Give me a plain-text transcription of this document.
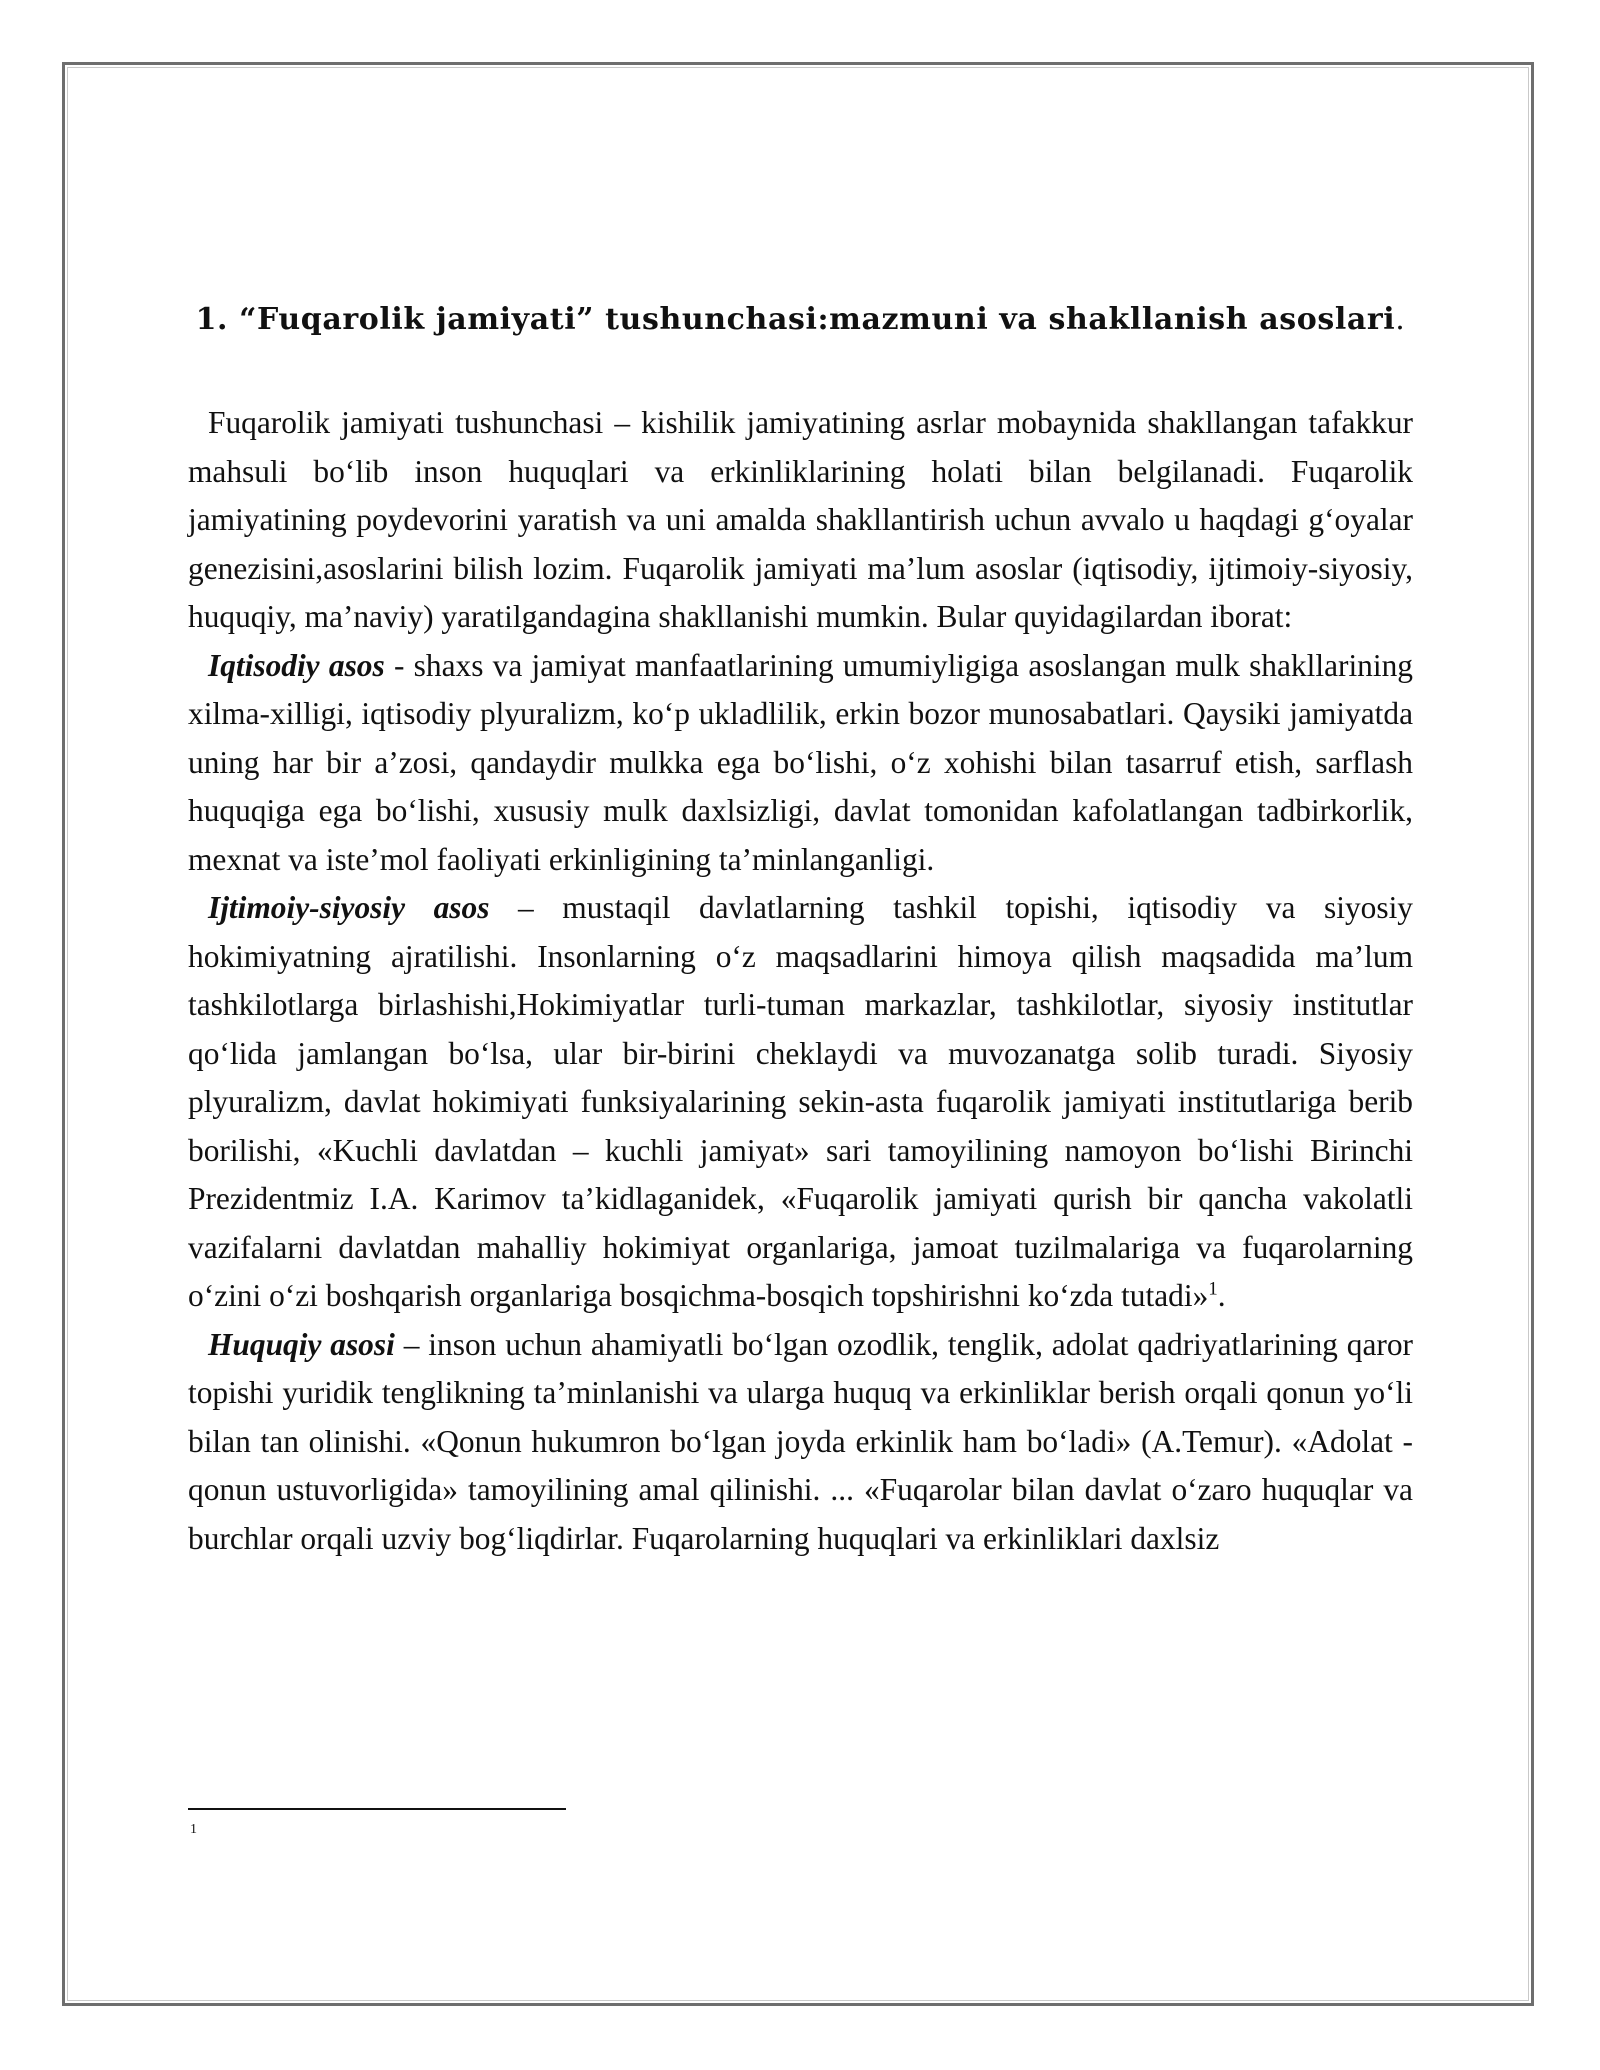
1. “Fuqarolik jamiyati” tushunchasi:mazmuni va shakllanish asoslari.

Fuqarolik jamiyati tushunchasi – kishilik jamiyatining asrlar mobaynida shakllangan tafakkur mahsuli bo‘lib inson huquqlari va erkinliklarining holati bilan belgilanadi. Fuqarolik jamiyatining poydevorini yaratish va uni amalda shakllantirish uchun avvalo u haqdagi g‘oyalar genezisini,asoslarini bilish lozim. Fuqarolik jamiyati ma’lum asoslar (iqtisodiy, ijtimoiy-siyosiy, huquqiy, ma’naviy) yaratilgandagina shakllanishi mumkin. Bular quyidagilardan iborat:

Iqtisodiy asos - shaxs va jamiyat manfaatlarining umumiyligiga asoslangan mulk shakllarining xilma-xilligi, iqtisodiy plyuralizm, ko‘p ukladlilik, erkin bozor munosabatlari. Qaysiki jamiyatda uning har bir a’zosi, qandaydir mulkka ega bo‘lishi, o‘z xohishi bilan tasarruf etish, sarflash huquqiga ega bo‘lishi, xususiy mulk daxlsizligi, davlat tomonidan kafolatlangan tadbirkorlik, mexnat va iste’mol faoliyati erkinligining ta’minlanganligi.

Ijtimoiy-siyosiy asos – mustaqil davlatlarning tashkil topishi, iqtisodiy va siyosiy hokimiyatning ajratilishi. Insonlarning o‘z maqsadlarini himoya qilish maqsadida ma’lum tashkilotlarga birlashishi,Hokimiyatlar turli-tuman markazlar, tashkilotlar, siyosiy institutlar qo‘lida jamlangan bo‘lsa, ular bir-birini cheklaydi va muvozanatga solib turadi. Siyosiy plyuralizm, davlat hokimiyati funksiyalarining sekin-asta fuqarolik jamiyati institutlariga berib borilishi, «Kuchli davlatdan – kuchli jamiyat» sari tamoyilining namoyon bo‘lishi Birinchi Prezidentmiz I.A. Karimov ta’kidlaganidek, «Fuqarolik jamiyati qurish bir qancha vakolatli vazifalarni davlatdan mahalliy hokimiyat organlariga, jamoat tuzilmalariga va fuqarolarning o‘zini o‘zi boshqarish organlariga bosqichma-bosqich topshirishni ko‘zda tutadi»$^1$.

Huquqiy asosi – inson uchun ahamiyatli bo‘lgan ozodlik, tenglik, adolat qadriyatlarining qaror topishi yuridik tenglikning ta’minlanishi va ularga huquq va erkinliklar berish orqali qonun yo‘li bilan tan olinishi. «Qonun hukumron bo‘lgan joyda erkinlik ham bo‘ladi» (A.Temur). «Adolat - qonun ustuvorligida» tamoyilining amal qilinishi. ... «Fuqarolar bilan davlat o‘zaro huquqlar va burchlar orqali uzviy bog‘liqdirlar. Fuqarolarning huquqlari va erkinliklari daxlsiz

1
